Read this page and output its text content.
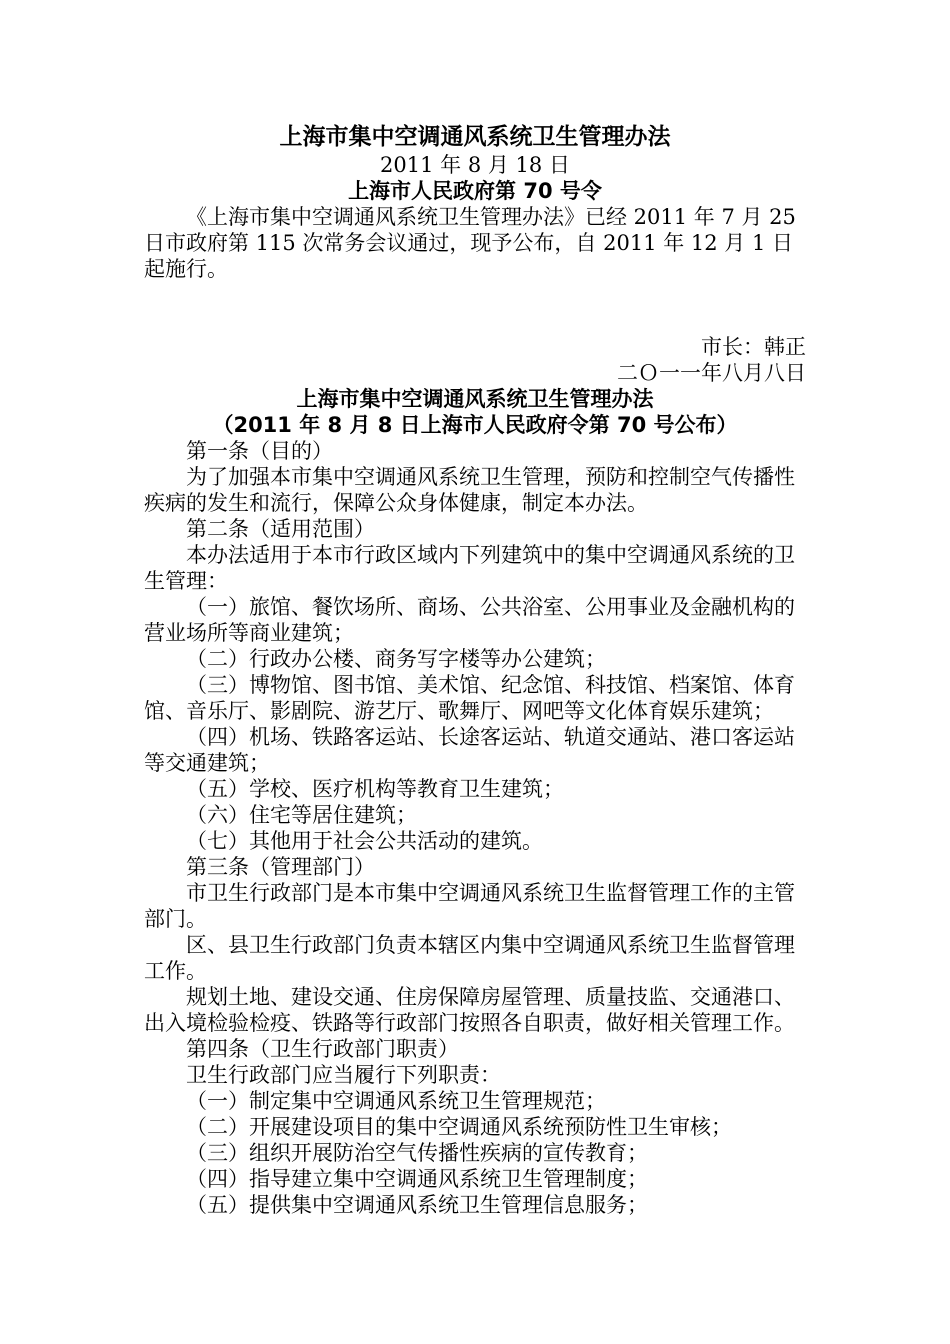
上海市集中空调通风系统卫生管理办法

2011 年 8 月 18 日

上海市人民政府第 70 号令

《上海市集中空调通风系统卫生管理办法》已经 2011 年 7 月 25 日市政府第 115 次常务会议通过，现予公布，自 2011 年 12 月 1 日起施行。

市长：韩正

二Ｏ一一年八月八日

上海市集中空调通风系统卫生管理办法

（2011 年 8 月 8 日上海市人民政府令第 70 号公布）

第一条（目的）

为了加强本市集中空调通风系统卫生管理，预防和控制空气传播性疾病的发生和流行，保障公众身体健康，制定本办法。

第二条（适用范围）

本办法适用于本市行政区域内下列建筑中的集中空调通风系统的卫生管理：

（一）旅馆、餐饮场所、商场、公共浴室、公用事业及金融机构的营业场所等商业建筑；

（二）行政办公楼、商务写字楼等办公建筑；

（三）博物馆、图书馆、美术馆、纪念馆、科技馆、档案馆、体育馆、音乐厅、影剧院、游艺厅、歌舞厅、网吧等文化体育娱乐建筑；

（四）机场、铁路客运站、长途客运站、轨道交通站、港口客运站等交通建筑；

（五）学校、医疗机构等教育卫生建筑；

（六）住宅等居住建筑；

（七）其他用于社会公共活动的建筑。

第三条（管理部门）

市卫生行政部门是本市集中空调通风系统卫生监督管理工作的主管部门。

区、县卫生行政部门负责本辖区内集中空调通风系统卫生监督管理工作。

规划土地、建设交通、住房保障房屋管理、质量技监、交通港口、出入境检验检疫、铁路等行政部门按照各自职责，做好相关管理工作。

第四条（卫生行政部门职责）

卫生行政部门应当履行下列职责：

（一）制定集中空调通风系统卫生管理规范；

（二）开展建设项目的集中空调通风系统预防性卫生审核；

（三）组织开展防治空气传播性疾病的宣传教育；

（四）指导建立集中空调通风系统卫生管理制度；

（五）提供集中空调通风系统卫生管理信息服务；
